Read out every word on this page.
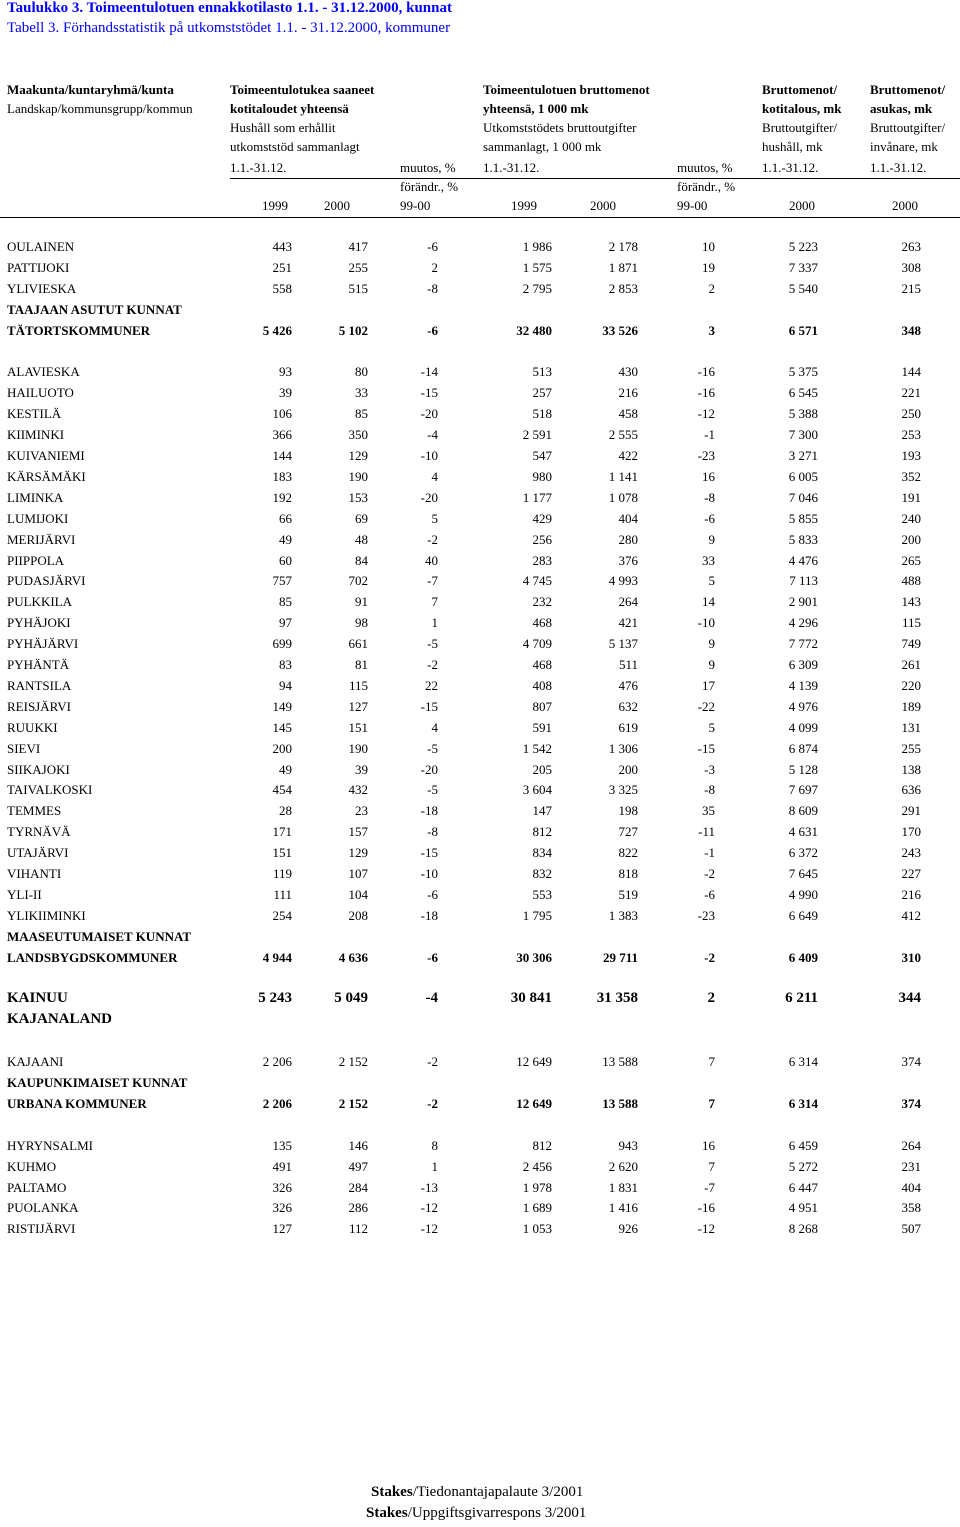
Taulukko 3. Toimeentulotuen ennakkotilasto 1.1. - 31.12.2000, kunnat
Tabell 3. Förhandsstatistik på utkomststödet 1.1. - 31.12.2000, kommuner
Maakunta/kuntaryhmä/kunta
Landskap/kommunsgrupp/kommun
Toimeentulotukea saaneet
kotitaloudet yhteensä
Hushåll som erhållit
utkomststöd sammanlagt
Toimeentulotuen bruttomenot
yhteensä, 1 000 mk
Utkomststödets bruttoutgifter
sammanlagt, 1 000 mk
Bruttomenot/
kotitalous, mk
Bruttoutgifter/
hushåll, mk
Bruttomenot/
asukas, mk
Bruttoutgifter/
invånare, mk
1.1.-31.12.	muutos, % 1.1.-31.12.	muutos, % 1.1.-31.12.	1.1.-31.12.
förändr., %	förändr., %
1999	2000	99-00	1999	2000	99-00	2000	2000
OULAINEN	443	417	-6	1 986	2 178	10	5 223	263
PATTIJOKI	251	255	2	1 575	1 871	19	7 337	308
YLIVIESKA	558	515	-8	2 795	2 853	2	5 540	215
TAAJAAN ASUTUT KUNNAT
TÄTORTSKOMMUNER	5 426	5 102	-6	32 480	33 526	3	6 571	348
ALAVIESKA	93	80	-14	513	430	-16	5 375	144
HAILUOTO	39	33	-15	257	216	-16	6 545	221
KESTILÄ	106	85	-20	518	458	-12	5 388	250
KIIMINKI	366	350	-4	2 591	2 555	-1	7 300	253
KUIVANIEMI	144	129	-10	547	422	-23	3 271	193
KÄRSÄMÄKI	183	190	4	980	1 141	16	6 005	352
LIMINKA	192	153	-20	1 177	1 078	-8	7 046	191
LUMIJOKI	66	69	5	429	404	-6	5 855	240
MERIJÄRVI	49	48	-2	256	280	9	5 833	200
PIIPPOLA	60	84	40	283	376	33	4 476	265
PUDASJÄRVI	757	702	-7	4 745	4 993	5	7 113	488
PULKKILA	85	91	7	232	264	14	2 901	143
PYHÄJOKI	97	98	1	468	421	-10	4 296	115
PYHÄJÄRVI	699	661	-5	4 709	5 137	9	7 772	749
PYHÄNTÄ	83	81	-2	468	511	9	6 309	261
RANTSILA	94	115	22	408	476	17	4 139	220
REISJÄRVI	149	127	-15	807	632	-22	4 976	189
RUUKKI	145	151	4	591	619	5	4 099	131
SIEVI	200	190	-5	1 542	1 306	-15	6 874	255
SIIKAJOKI	49	39	-20	205	200	-3	5 128	138
TAIVALKOSKI	454	432	-5	3 604	3 325	-8	7 697	636
TEMMES	28	23	-18	147	198	35	8 609	291
TYRNÄVÄ	171	157	-8	812	727	-11	4 631	170
UTAJÄRVI	151	129	-15	834	822	-1	6 372	243
VIHANTI	119	107	-10	832	818	-2	7 645	227
YLI-II	111	104	-6	553	519	-6	4 990	216
YLIKIIMINKI	254	208	-18	1 795	1 383	-23	6 649	412
MAASEUTUMAISET KUNNAT
LANDSBYGDSKOMMUNER	4 944	4 636	-6	30 306	29 711	-2	6 409	310
KAINUU	5 243	5 049	-4	30 841	31 358	2	6 211	344
KAJANALAND
KAJAANI	2 206	2 152	-2	12 649	13 588	7	6 314	374
KAUPUNKIMAISET KUNNAT
URBANA KOMMUNER	2 206	2 152	-2	12 649	13 588	7	6 314	374
HYRYNSALMI	135	146	8	812	943	16	6 459	264
KUHMO	491	497	1	2 456	2 620	7	5 272	231
PALTAMO	326	284	-13	1 978	1 831	-7	6 447	404
PUOLANKA	326	286	-12	1 689	1 416	-16	4 951	358
RISTIJÄRVI	127	112	-12	1 053	926	-12	8 268	507
Stakes/Tiedonantajapalaute 3/2001
Stakes/Uppgiftsgivarrespons 3/2001
